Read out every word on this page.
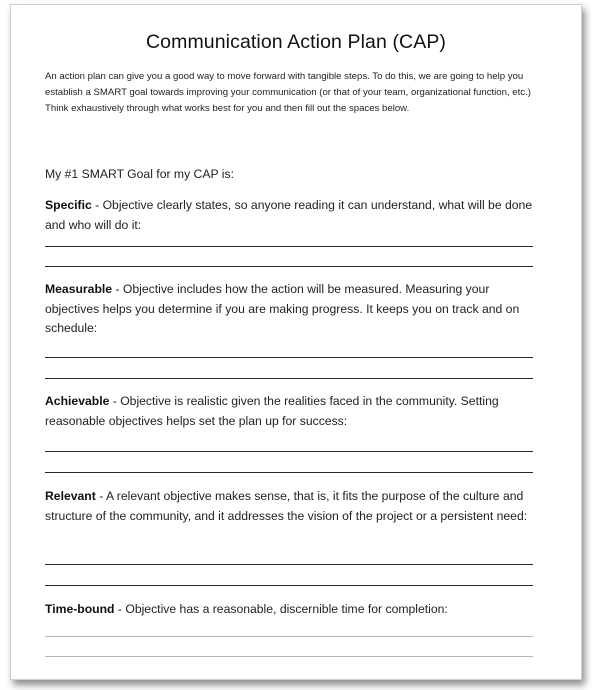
Communication Action Plan (CAP)
An action plan can give you a good way to move forward with tangible steps. To do this, we are going to help you establish a SMART goal towards improving your communication (or that of your team, organizational function, etc.) Think exhaustively through what works best for you and then fill out the spaces below.
My #1 SMART Goal for my CAP is:
Specific - Objective clearly states, so anyone reading it can understand, what will be done and who will do it:
Measurable - Objective includes how the action will be measured. Measuring your objectives helps you determine if you are making progress. It keeps you on track and on schedule:
Achievable - Objective is realistic given the realities faced in the community. Setting reasonable objectives helps set the plan up for success:
Relevant - A relevant objective makes sense, that is, it fits the purpose of the culture and structure of the community, and it addresses the vision of the project or a persistent need:
Time-bound - Objective has a reasonable, discernible time for completion:
